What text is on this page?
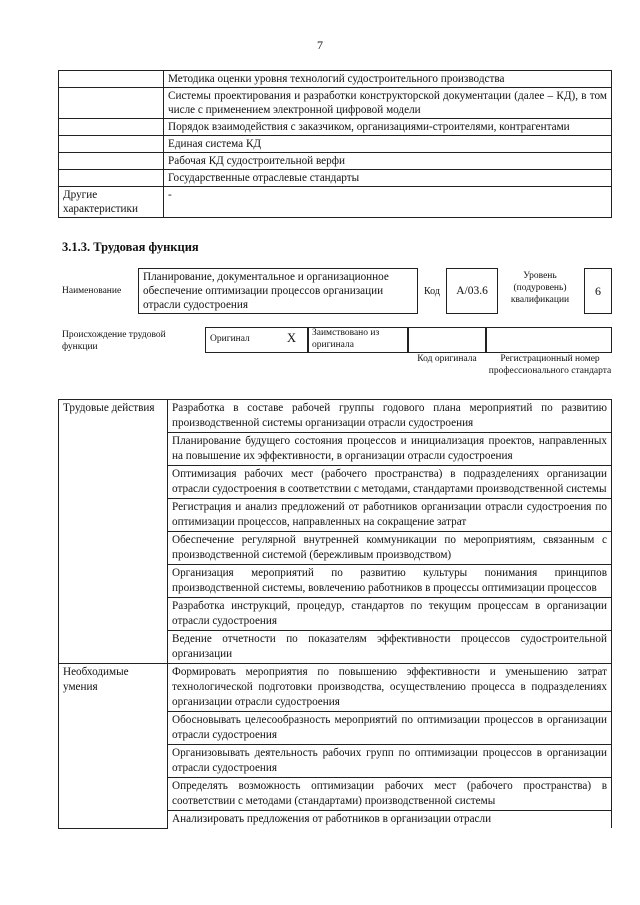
7
	Методика оценки уровня технологий судостроительного производства
	Системы проектирования и разработки конструкторской документации (далее – КД), в том числе с применением электронной цифровой модели
	Порядок взаимодействия с заказчиком, организациями-строителями, контрагентами
	Единая система КД
	Рабочая КД судостроительной верфи
	Государственные отраслевые стандарты
Другие характеристики	-
3.1.3. Трудовая функция
Наименование
Планирование, документальное и организационное обеспечение оптимизации процессов организации отрасли судостроения
Код	А/03.6
Уровень (подуровень) квалификации
6
Происхождение трудовой функции
Оригинал	X Заимствовано из оригинала
Код оригинала	Регистрационный номер профессионального стандарта
Трудовые действия	Разработка в составе рабочей группы годового плана мероприятий по развитию производственной системы организации отрасли судостроения
	Планирование будущего состояния процессов и инициализация проектов, направленных на повышение их эффективности, в организации отрасли судостроения
	Оптимизация рабочих мест (рабочего пространства) в подразделениях организации отрасли судостроения в соответствии с методами, стандартами производственной системы
	Регистрация и анализ предложений от работников организации отрасли судостроения по оптимизации процессов, направленных на сокращение затрат
	Обеспечение регулярной внутренней коммуникации по мероприятиям, связанным с производственной системой (бережливым производством)
	Организация мероприятий по развитию культуры понимания принципов производственной системы, вовлечению работников в процессы оптимизации процессов
	Разработка инструкций, процедур, стандартов по текущим процессам в организации отрасли судостроения
	Ведение отчетности по показателям эффективности процессов судостроительной организации
Необходимые умения	Формировать мероприятия по повышению эффективности и уменьшению затрат технологической подготовки производства, осуществлению процесса в подразделениях организации отрасли судостроения
	Обосновывать целесообразность мероприятий по оптимизации процессов в организации отрасли судостроения
	Организовывать деятельность рабочих групп по оптимизации процессов в организации отрасли судостроения
	Определять возможность оптимизации рабочих мест (рабочего пространства) в соответствии с методами (стандартами) производственной системы
	Анализировать предложения от работников в организации отрасли
